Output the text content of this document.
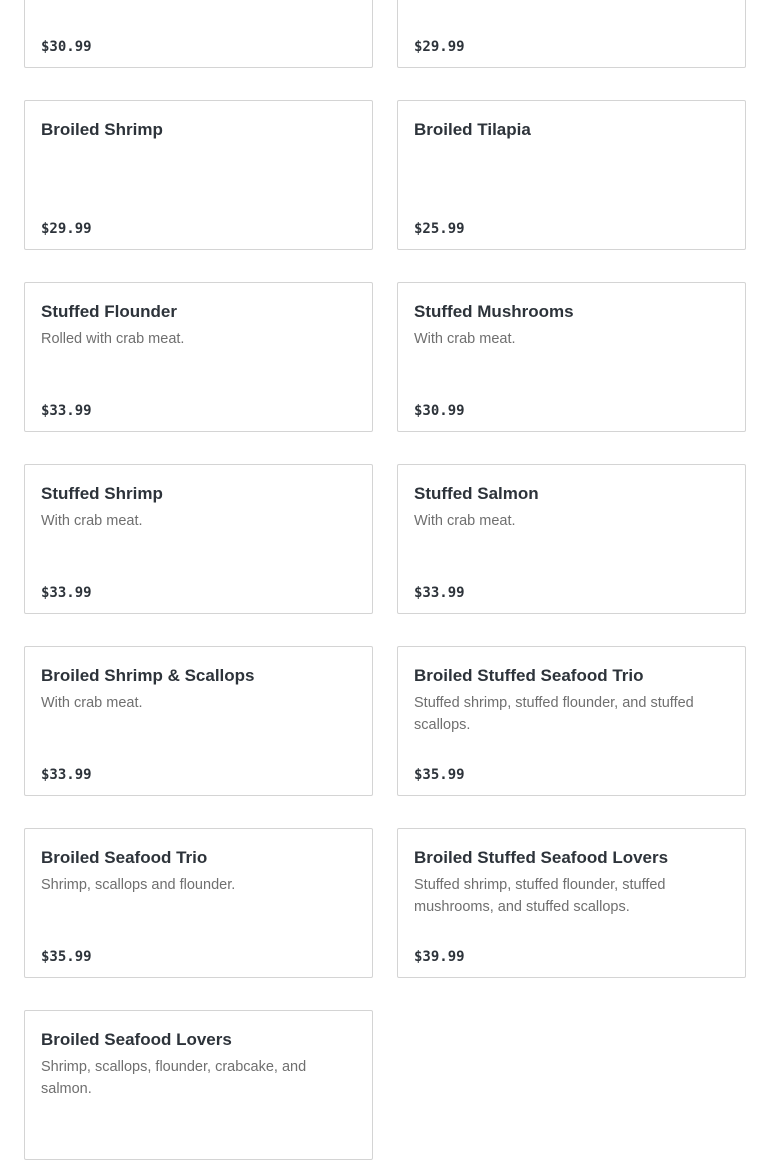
$30.99	$29.99
Broiled Shrimp
$29.99
Broiled Tilapia
$25.99
Stuffed Flounder
Rolled with crab meat.
$33.99
Stuffed Mushrooms
With crab meat.
$30.99
Stuffed Shrimp
With crab meat.
$33.99
Stuffed Salmon
With crab meat.
$33.99
Broiled Shrimp & Scallops
With crab meat.
$33.99
Broiled Stuffed Seafood Trio
Stuffed shrimp, stuffed flounder, and stuffed scallops.
$35.99
Broiled Seafood Trio
Shrimp, scallops and flounder.
$35.99
Broiled Stuffed Seafood Lovers
Stuffed shrimp, stuffed flounder, stuffed mushrooms, and stuffed scallops.
$39.99
Broiled Seafood Lovers
Shrimp, scallops, flounder, crabcake, and salmon.
